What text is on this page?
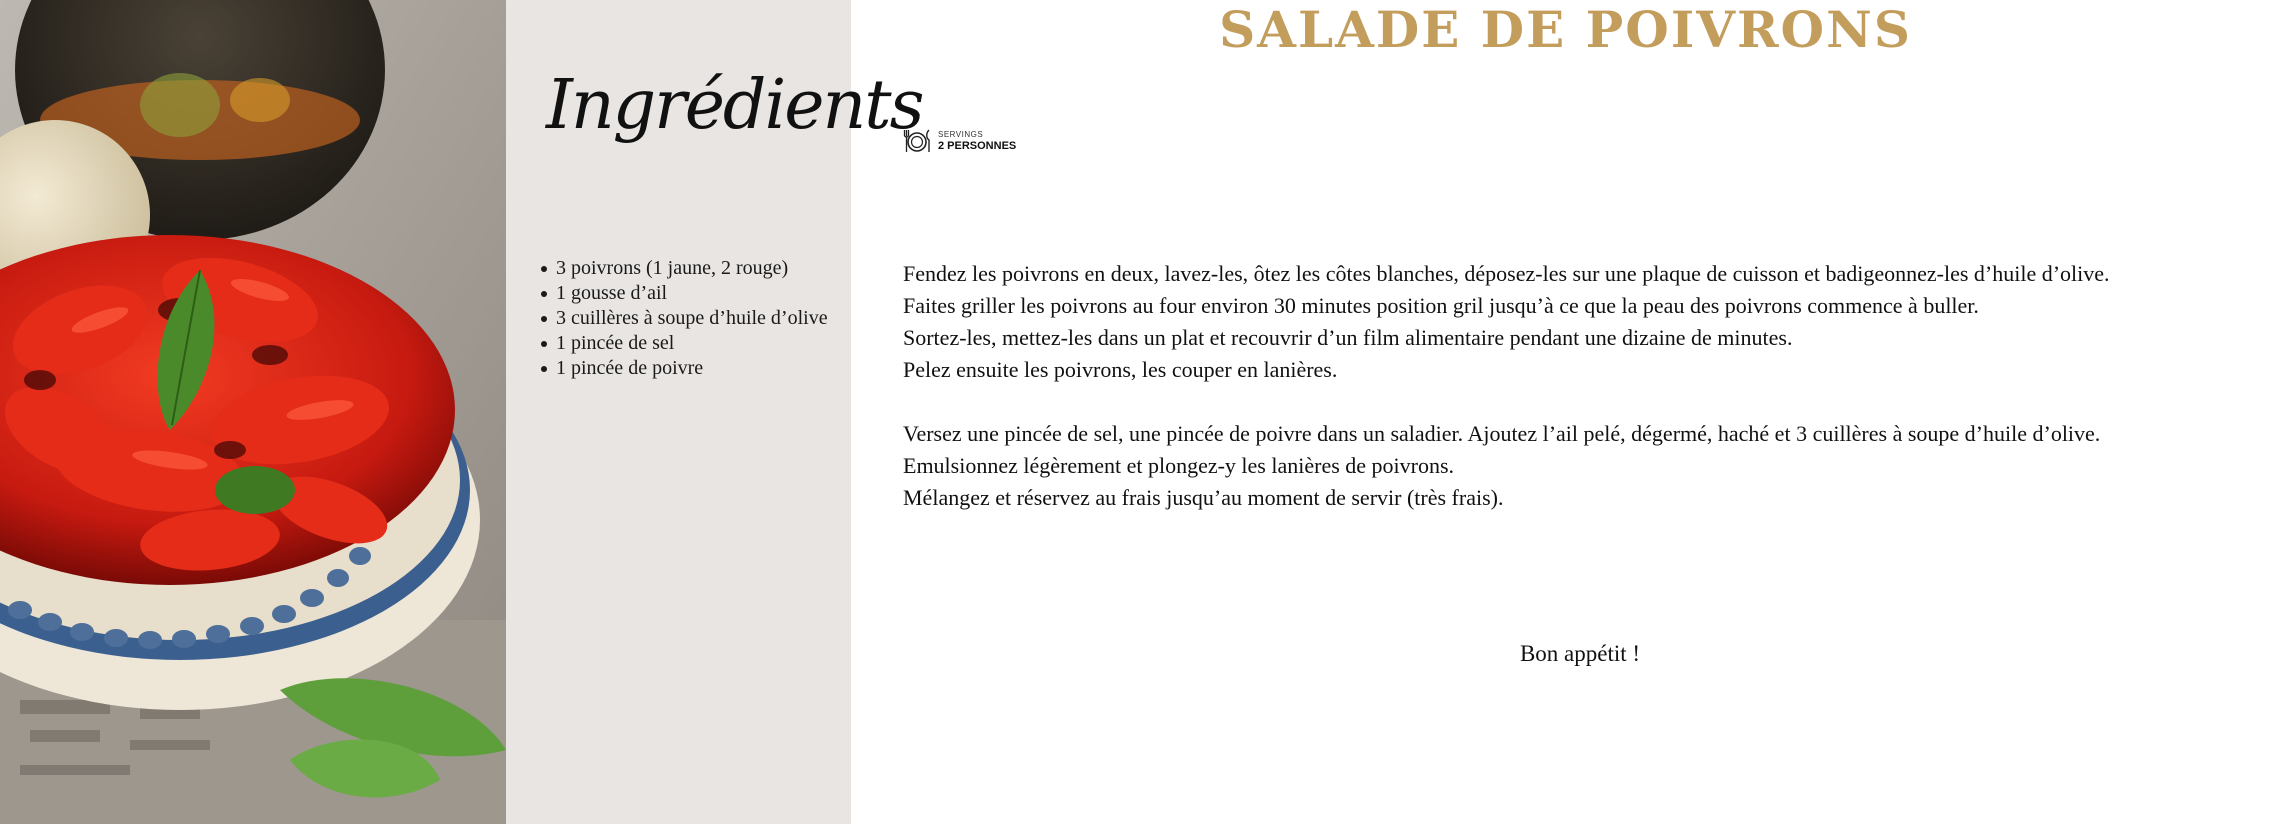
Ingrédients
3 poivrons (1 jaune, 2 rouge)
1 gousse d’ail
3 cuillères à soupe d’huile d’olive
1 pincée de sel
1 pincée de poivre
SALADE DE POIVRONS
SERVINGS
2 PERSONNES

Fendez les poivrons en deux, lavez-les, ôtez les côtes blanches, déposez-les sur une plaque de cuisson et badigeonnez-les d’huile d’olive.

Faites griller les poivrons au four environ 30 minutes position gril jusqu’à ce que la peau des poivrons commence à buller.

Sortez-les, mettez-les dans un plat et recouvrir d’un film alimentaire pendant une dizaine de minutes.

Pelez ensuite les poivrons, les couper en lanières.

Versez une pincée de sel, une pincée de poivre dans un saladier. Ajoutez l’ail pelé, dégermé, haché et 3 cuillères à soupe d’huile d’olive.

Emulsionnez légèrement et plongez-y les lanières de poivrons.

Mélangez et réservez au frais jusqu’au moment de servir (très frais).

Bon appétit !
